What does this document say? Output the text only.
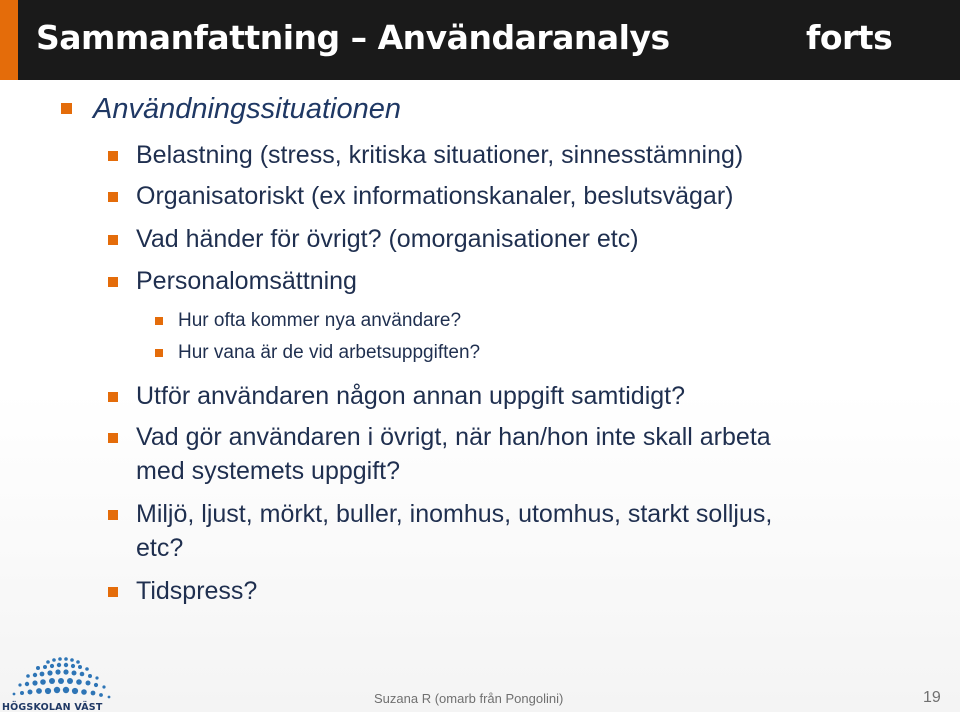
Sammanfattning – Användaranalys	forts
Användningssituationen
Belastning (stress, kritiska situationer, sinnesstämning)
Organisatoriskt (ex informationskanaler, beslutsvägar)
Vad händer för övrigt? (omorganisationer etc)
Personalomsättning
Hur ofta kommer nya användare?
Hur vana är de vid arbetsuppgiften?
Utför användaren någon annan uppgift samtidigt?
Vad gör användaren i övrigt, när han/hon inte skall arbeta
med systemets uppgift?
Miljö, ljust, mörkt, buller, inomhus, utomhus, starkt solljus,
etc?
Tidspress?
HÖGSKOLAN VÄST
Suzana R (omarb från Pongolini)	19
